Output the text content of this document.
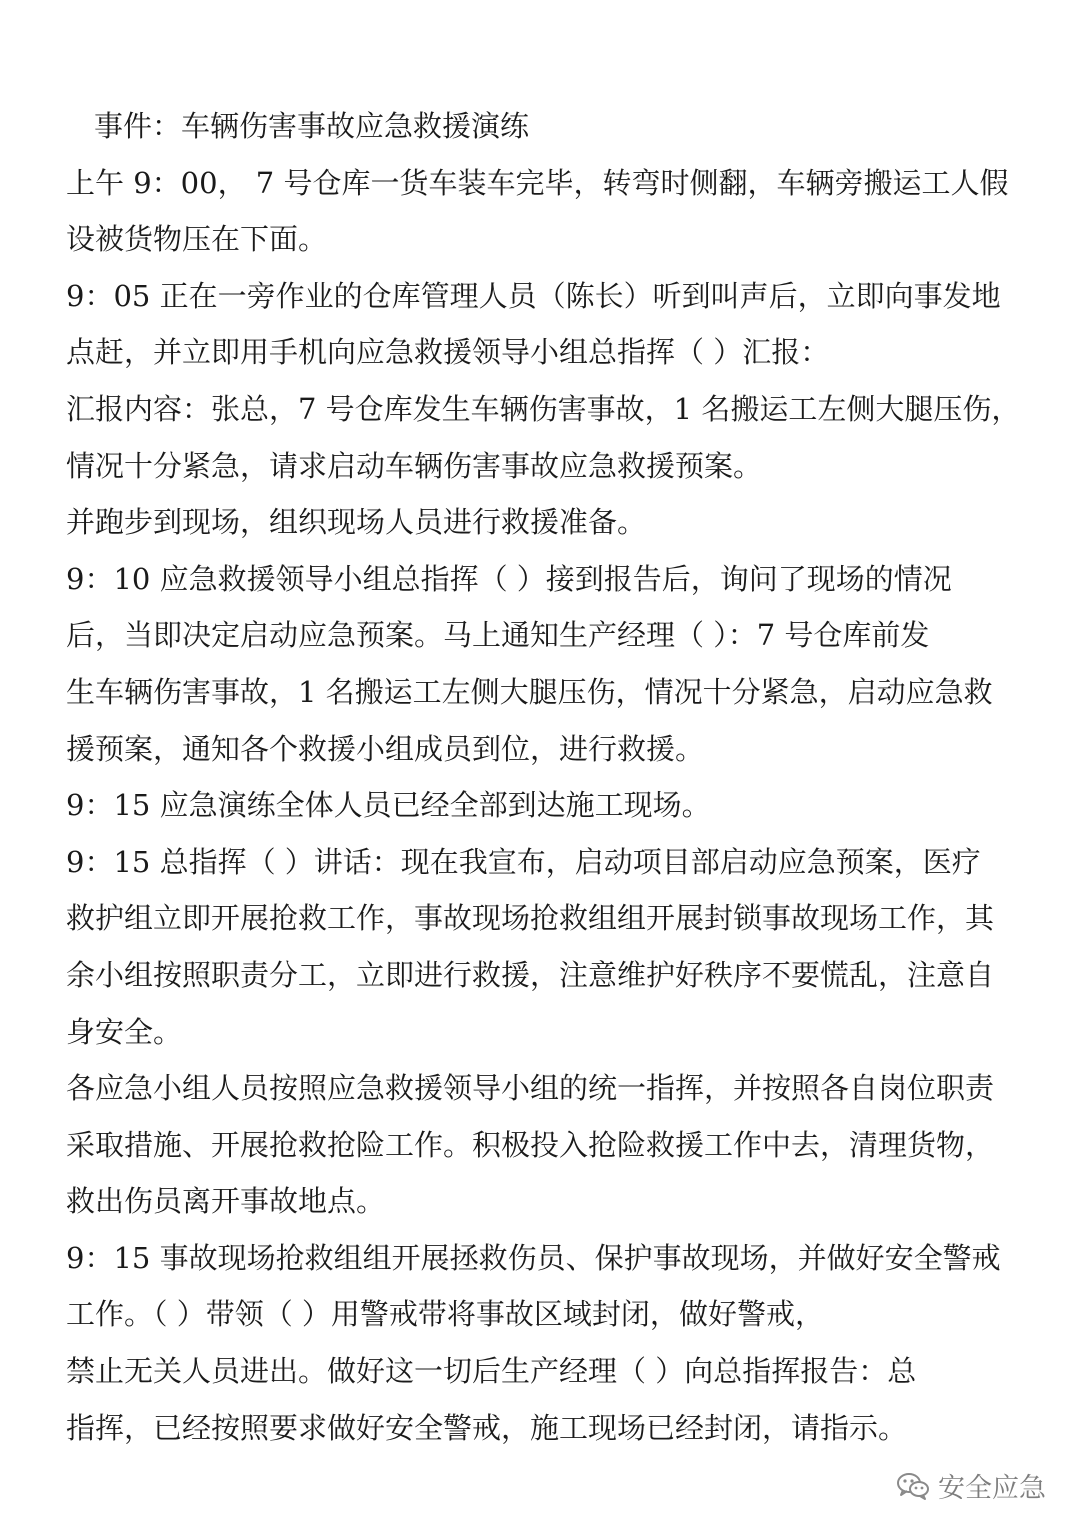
事件：车辆伤害事故应急救援演练
上午 9：00， 7 号仓库一货车装车完毕，转弯时侧翻，车辆旁搬运工人假
设被货物压在下面。
9：05 正在一旁作业的仓库管理人员（陈长）听到叫声后，立即向事发地
点赶，并立即用手机向应急救援领导小组总指挥（ ）汇报：
汇报内容：张总，7 号仓库发生车辆伤害事故，1 名搬运工左侧大腿压伤，
情况十分紧急，请求启动车辆伤害事故应急救援预案。
并跑步到现场，组织现场人员进行救援准备。
9：10 应急救援领导小组总指挥（ ）接到报告后，询问了现场的情况
后，当即决定启动应急预案。马上通知生产经理（ ）：7 号仓库前发
生车辆伤害事故，1 名搬运工左侧大腿压伤，情况十分紧急，启动应急救
援预案，通知各个救援小组成员到位，进行救援。
9：15 应急演练全体人员已经全部到达施工现场。
9：15 总指挥（ ）讲话：现在我宣布，启动项目部启动应急预案，医疗
救护组立即开展抢救工作，事故现场抢救组组开展封锁事故现场工作，其
余小组按照职责分工，立即进行救援，注意维护好秩序不要慌乱，注意自
身安全。
各应急小组人员按照应急救援领导小组的统一指挥，并按照各自岗位职责
采取措施、开展抢救抢险工作。积极投入抢险救援工作中去，清理货物，
救出伤员离开事故地点。
9：15 事故现场抢救组组开展拯救伤员、保护事故现场，并做好安全警戒
工作。（ ）带领（ ）用警戒带将事故区域封闭，做好警戒，
禁止无关人员进出。做好这一切后生产经理（ ）向总指挥报告：总
指挥，已经按照要求做好安全警戒，施工现场已经封闭，请指示。
安全应急
